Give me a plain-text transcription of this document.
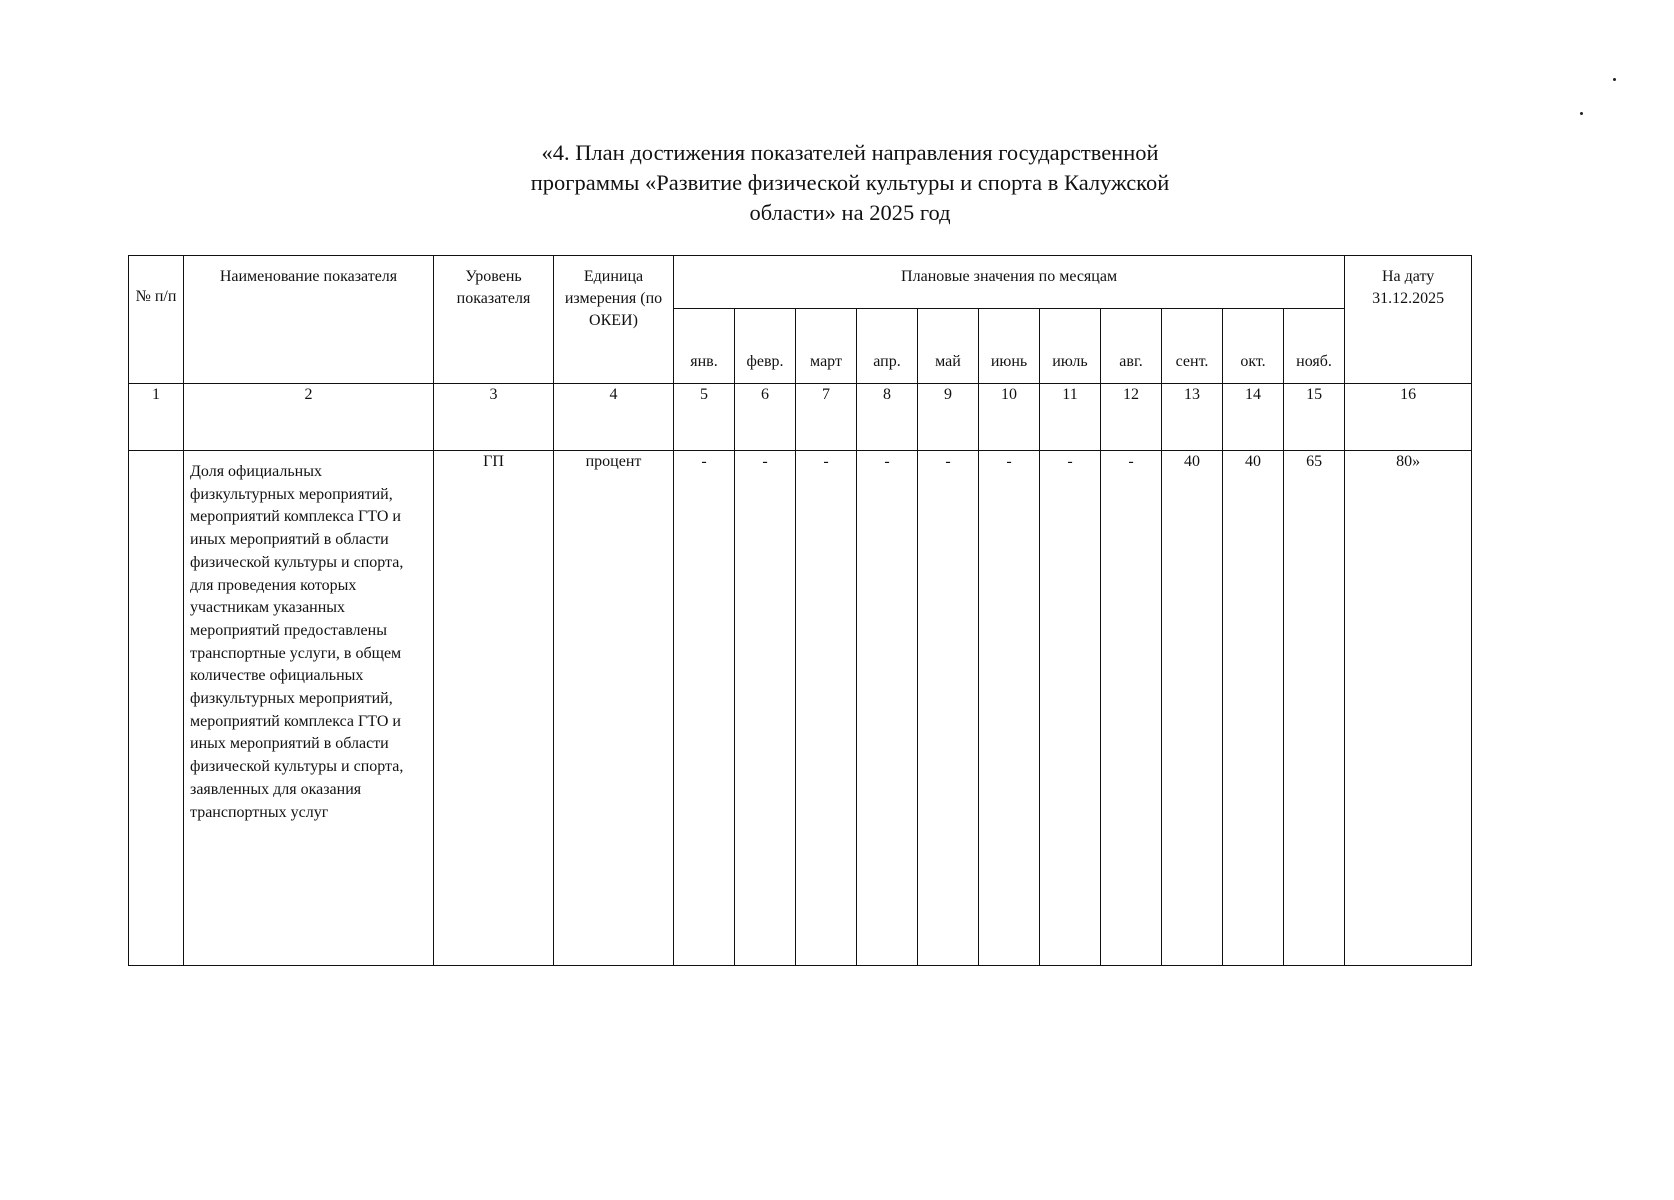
«4. План достижения показателей направления государственной
программы «Развитие физической культуры и спорта в Калужской
области» на 2025 год
№ п/п	Наименование показателя	Уровень показателя	Единица измерения (по ОКЕИ)	Плановые значения по месяцам											На дату 31.12.2025
				янв.	февр.	март	апр.	май	июнь	июль	авг.	сент.	окт.	нояб.	
1	2	3	4	5	6	7	8	9	10	11	12	13	14	15	16
	Доля официальных физкультурных мероприятий, мероприятий комплекса ГТО и иных мероприятий в области физической культуры и спорта, для проведения которых участникам указанных мероприятий предоставлены транспортные услуги, в общем количестве официальных физкультурных мероприятий, мероприятий комплекса ГТО и иных мероприятий в области физической культуры и спорта, заявленных для оказания транспортных услуг	ГП	процент	-	-	-	-	-	-	-	-	40	40	65	80»
